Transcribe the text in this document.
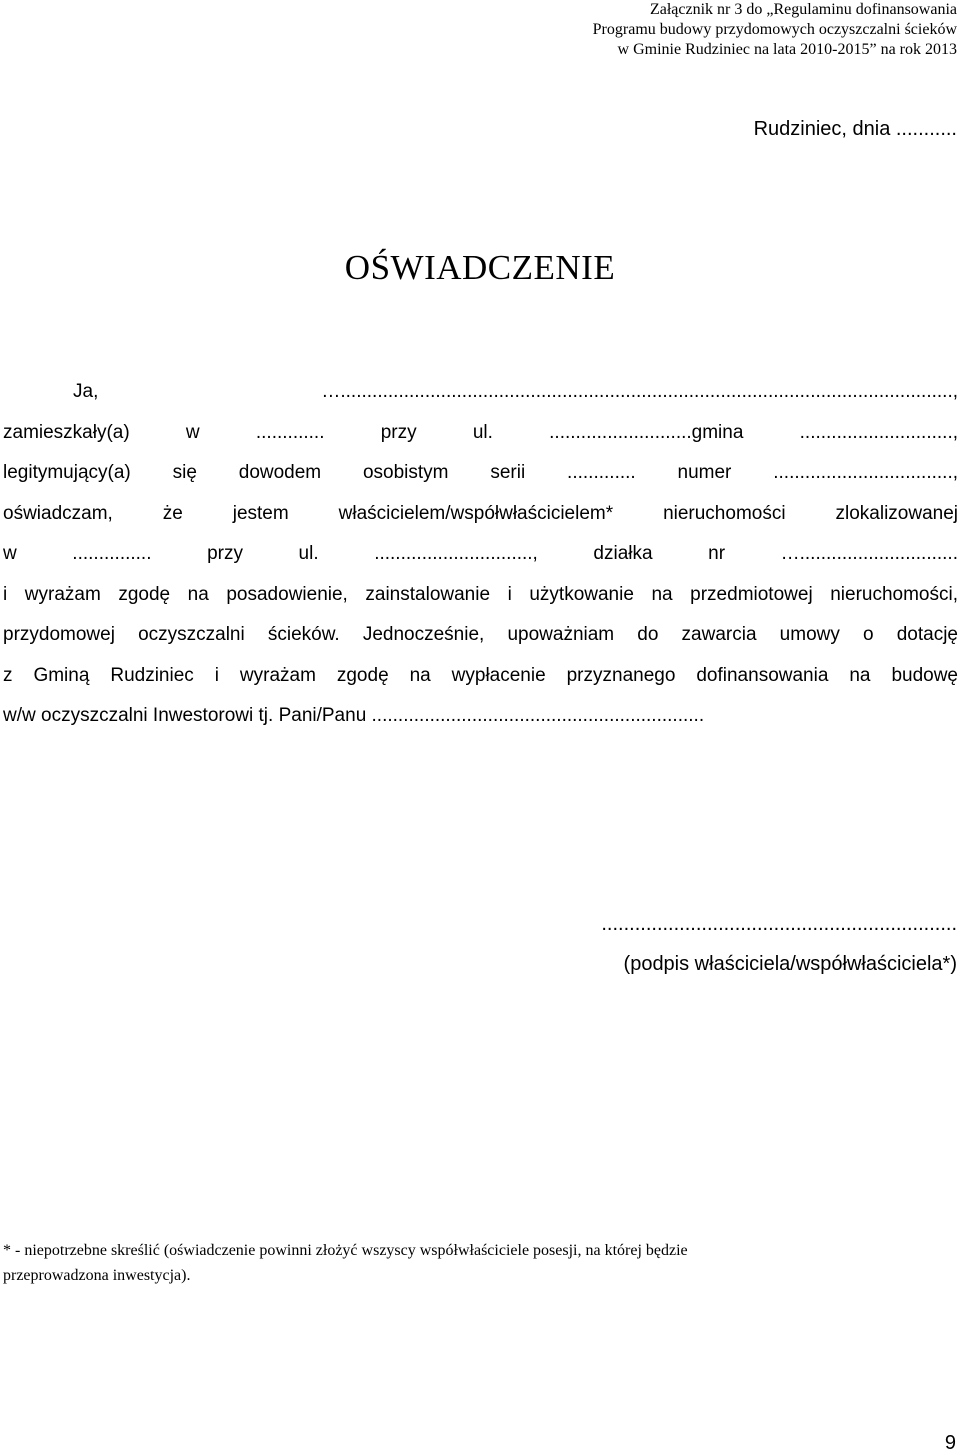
Załącznik nr 3 do „Regulaminu dofinansowania
Programu budowy przydomowych oczyszczalni ścieków
w Gminie Rudziniec na lata 2010-2015” na rok 2013
Rudziniec, dnia ...........
OŚWIADCZENIE
Ja, …....................................................................................................................,
zamieszkały(a) w ............. przy ul. ...........................gmina .............................,
legitymujący(a) się dowodem osobistym serii ............. numer ..................................,
oświadczam, że jestem właścicielem/współwłaścicielem* nieruchomości zlokalizowanej
w ............... przy ul. .............................., działka nr …..............................
i wyrażam zgodę na posadowienie, zainstalowanie i użytkowanie na przedmiotowej nieruchomości,
przydomowej oczyszczalni ścieków. Jednocześnie, upoważniam do zawarcia umowy o dotację
z Gminą Rudziniec i wyrażam zgodę na wypłacenie przyznanego dofinansowania na budowę
w/w oczyszczalni Inwestorowi tj. Pani/Panu ...............................................................
................................................................
(podpis właściciela/współwłaściciela*)
* - niepotrzebne skreślić (oświadczenie powinni złożyć wszyscy współwłaściciele posesji, na której będzie
przeprowadzona inwestycja).
9
